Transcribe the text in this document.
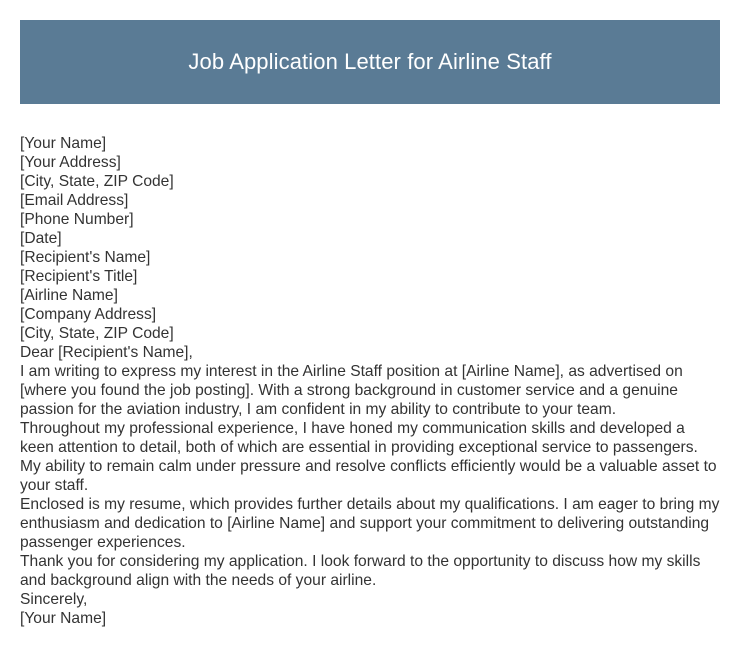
Job Application Letter for Airline Staff

[Your Name]

[Your Address]

[City, State, ZIP Code]

[Email Address]

[Phone Number]

[Date]

[Recipient's Name]

[Recipient's Title]

[Airline Name]

[Company Address]

[City, State, ZIP Code]

Dear [Recipient's Name],

I am writing to express my interest in the Airline Staff position at [Airline Name], as advertised on [where you found the job posting]. With a strong background in customer service and a genuine passion for the aviation industry, I am confident in my ability to contribute to your team.

Throughout my professional experience, I have honed my communication skills and developed a keen attention to detail, both of which are essential in providing exceptional service to passengers. My ability to remain calm under pressure and resolve conflicts efficiently would be a valuable asset to your staff.

Enclosed is my resume, which provides further details about my qualifications. I am eager to bring my enthusiasm and dedication to [Airline Name] and support your commitment to delivering outstanding passenger experiences.

Thank you for considering my application. I look forward to the opportunity to discuss how my skills and background align with the needs of your airline.

Sincerely,

[Your Name]
